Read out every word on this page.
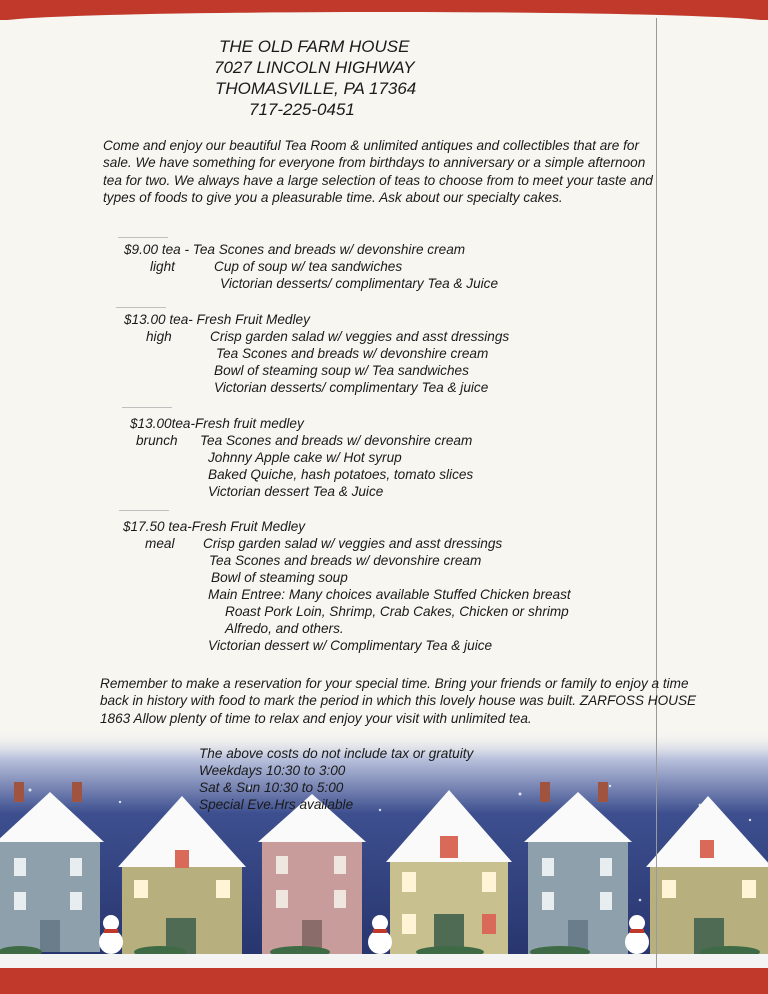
THE OLD FARM HOUSE
7027 LINCOLN HIGHWAY
THOMASVILLE, PA 17364
717-225-0451
Come and enjoy our beautiful Tea Room & unlimited antiques and collectibles that are for sale. We have something for everyone from birthdays to anniversary or a simple afternoon tea for two. We always have a large selection of teas to choose from to meet your taste and types of foods to give you a pleasurable time. Ask about our specialty cakes.
$9.00 tea - Tea Scones and breads w/ devonshire cream
light	Cup of soup w/ tea sandwiches
Victorian desserts/ complimentary Tea & Juice
$13.00 tea- Fresh Fruit Medley
high	Crisp garden salad w/ veggies and asst dressings
Tea Scones and breads w/ devonshire cream
Bowl of steaming soup w/ Tea sandwiches
Victorian desserts/ complimentary Tea & juice
$13.00tea-Fresh fruit medley
brunch Tea Scones and breads w/ devonshire cream
Johnny Apple cake w/ Hot syrup
Baked Quiche, hash potatoes, tomato slices
Victorian dessert Tea & Juice
$17.50 tea-Fresh Fruit Medley
meal Crisp garden salad w/ veggies and asst dressings
Tea Scones and breads w/ devonshire cream
Bowl of steaming soup
Main Entree: Many choices available Stuffed Chicken breast
Roast Pork Loin, Shrimp, Crab Cakes, Chicken or shrimp
Alfredo, and others.
Victorian dessert w/ Complimentary Tea & juice
Remember to make a reservation for your special time. Bring your friends or family to enjoy a time back in history with food to mark the period in which this lovely house was built. ZARFOSS HOUSE 1863 Allow plenty of time to relax and enjoy your visit with unlimited tea.
The above costs do not include tax or gratuity
Weekdays 10:30 to 3:00
Sat & Sun 10:30 to 5:00
Special Eve.Hrs available
